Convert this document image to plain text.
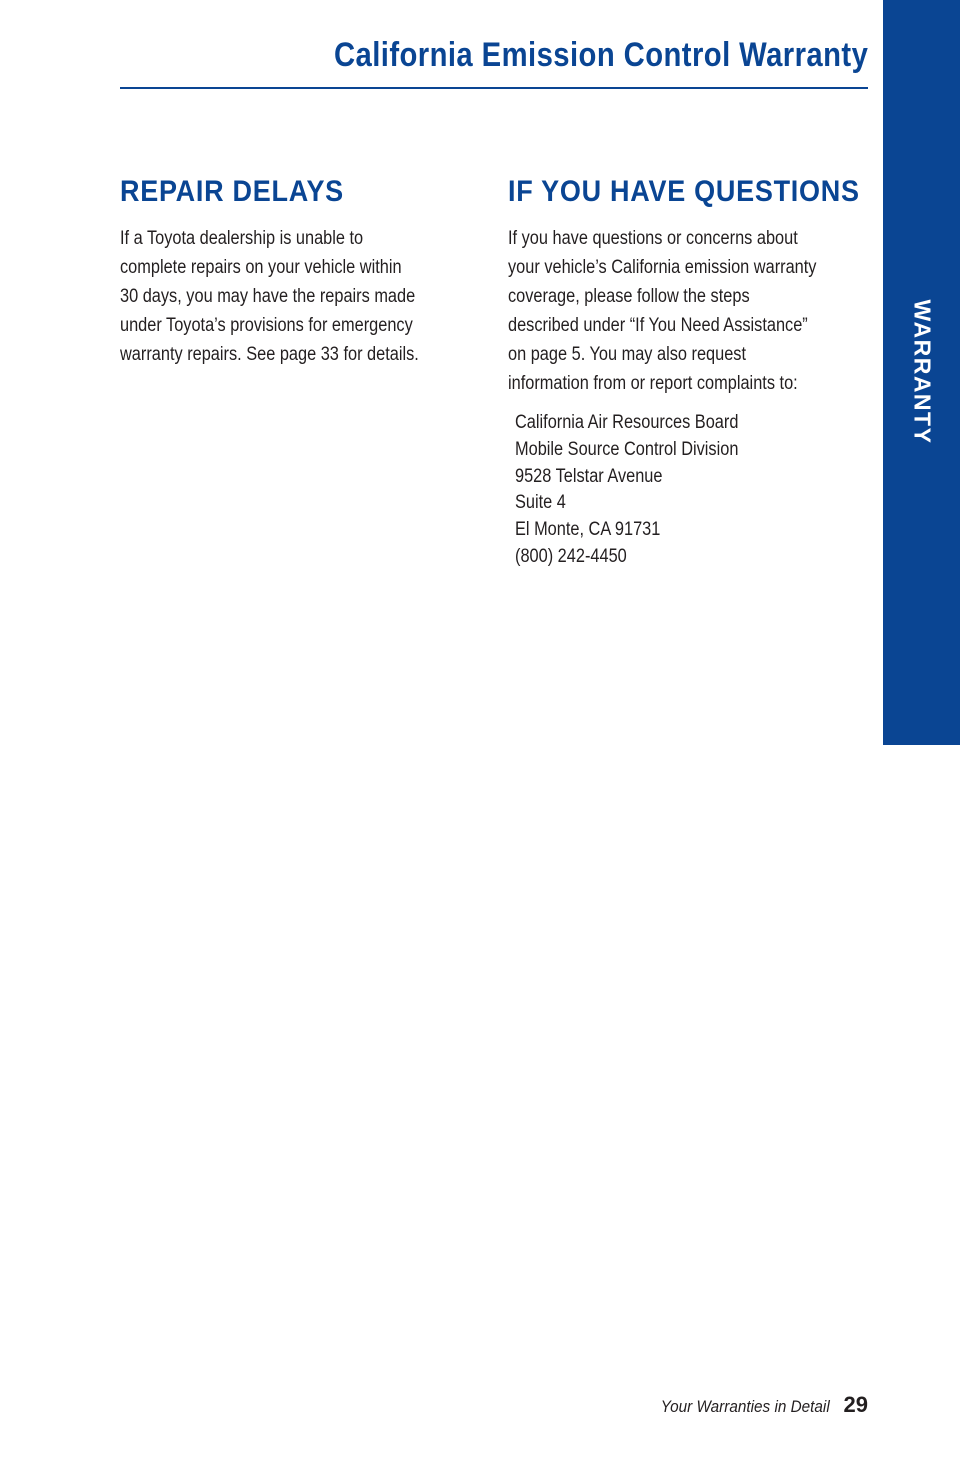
California Emission Control Warranty
WARRANTY
REPAIR DELAYS
If a Toyota dealership is unable to
complete repairs on your vehicle within
30 days, you may have the repairs made
under Toyota’s provisions for emergency
warranty repairs. See page 33 for details.
IF YOU HAVE QUESTIONS
If you have questions or concerns about
your vehicle’s California emission warranty
coverage, please follow the steps
described under “If You Need Assistance”
on page 5. You may also request
information from or report complaints to:
California Air Resources Board
Mobile Source Control Division
9528 Telstar Avenue
Suite 4
El Monte, CA 91731
(800) 242-4450
Your Warranties in Detail 29
